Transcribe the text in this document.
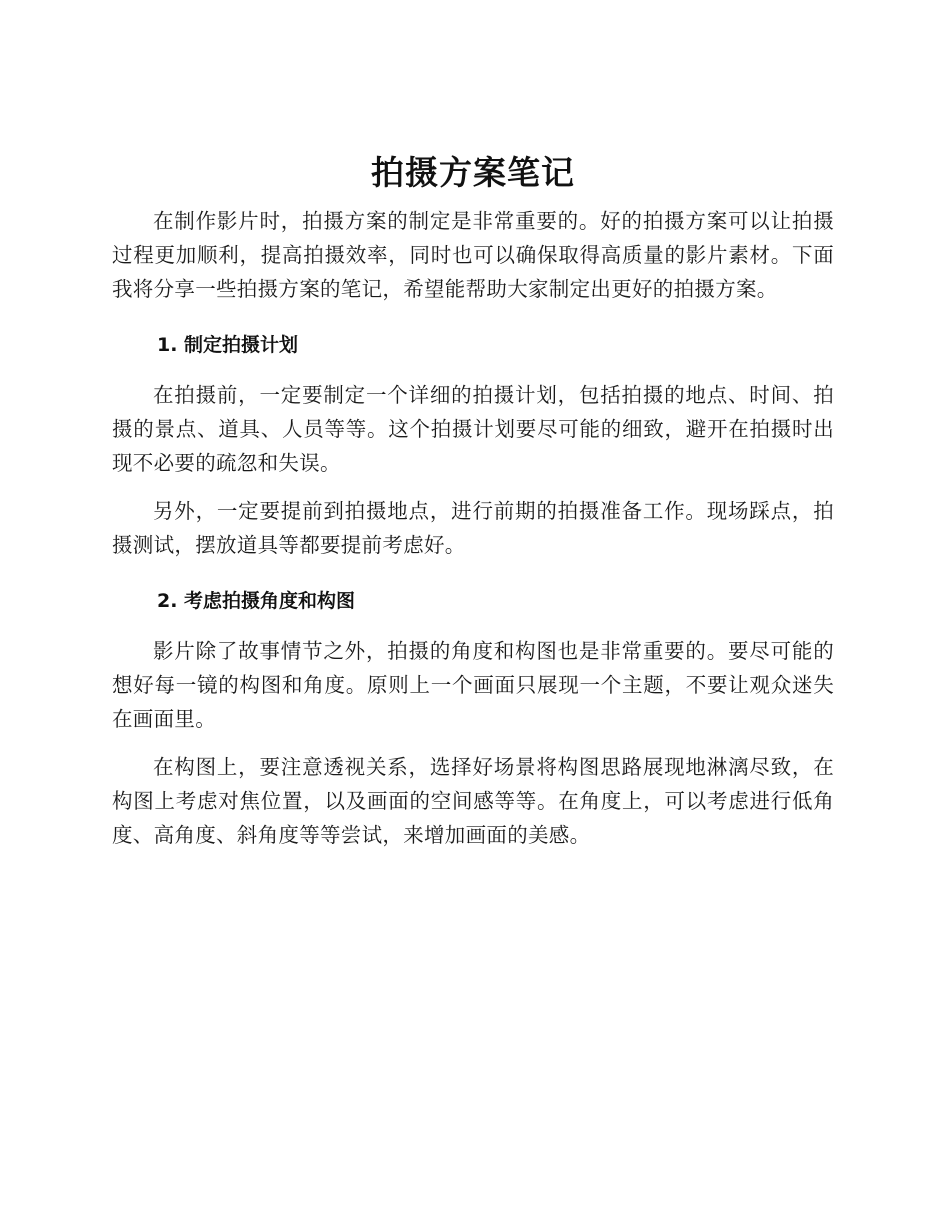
拍摄方案笔记

在制作影片时，拍摄方案的制定是非常重要的。好的拍摄方案可以让拍摄过程更加顺利，提高拍摄效率，同时也可以确保取得高质量的影片素材。下面我将分享一些拍摄方案的笔记，希望能帮助大家制定出更好的拍摄方案。

1. 制定拍摄计划

在拍摄前，一定要制定一个详细的拍摄计划，包括拍摄的地点、时间、拍摄的景点、道具、人员等等。这个拍摄计划要尽可能的细致，避开在拍摄时出现不必要的疏忽和失误。

另外，一定要提前到拍摄地点，进行前期的拍摄准备工作。现场踩点，拍摄测试，摆放道具等都要提前考虑好。

2. 考虑拍摄角度和构图

影片除了故事情节之外，拍摄的角度和构图也是非常重要的。要尽可能的想好每一镜的构图和角度。原则上一个画面只展现一个主题，不要让观众迷失在画面里。

在构图上，要注意透视关系，选择好场景将构图思路展现地淋漓尽致，在构图上考虑对焦位置，以及画面的空间感等等。在角度上，可以考虑进行低角度、高角度、斜角度等等尝试，来增加画面的美感。
